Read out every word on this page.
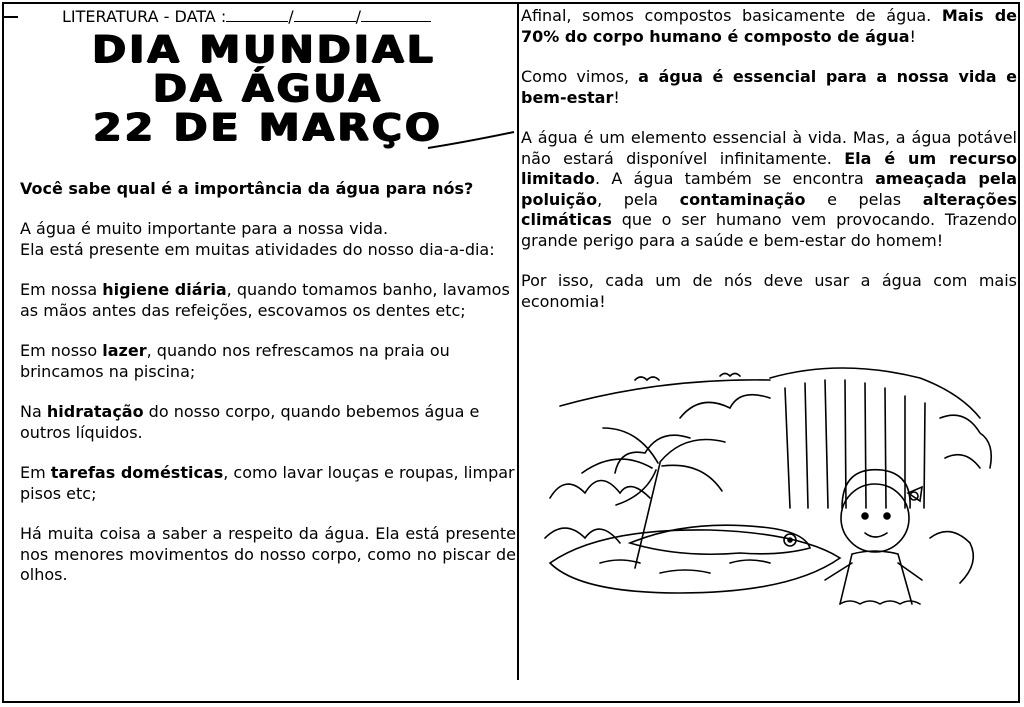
LITERATURA - DATA :	/	/
DIA MUNDIAL
DA ÁGUA
22 DE MARÇO
Você sabe qual é a importância da água para nós?

A água é muito importante para a nossa vida.

Ela está presente em muitas atividades do nosso dia-a-dia:

Em nossa higiene diária, quando tomamos banho, lavamos as mãos antes das refeições, escovamos os dentes etc;

Em nosso lazer, quando nos refrescamos na praia ou brincamos na piscina;

Na hidratação do nosso corpo, quando bebemos água e outros líquidos.

Em tarefas domésticas, como lavar louças e roupas, limpar pisos etc;

Há muita coisa a saber a respeito da água. Ela está presente nos menores movimentos do nosso corpo, como no piscar de olhos.

Afinal, somos compostos basicamente de água. Mais de 70% do corpo humano é composto de água!

Como vimos, a água é essencial para a nossa vida e bem-estar!

A água é um elemento essencial à vida. Mas, a água potável não estará disponível infinitamente. Ela é um recurso limitado. A água também se encontra ameaçada pela poluição, pela contaminação e pelas alterações climáticas que o ser humano vem provocando. Trazendo grande perigo para a saúde e bem-estar do homem!

Por isso, cada um de nós deve usar a água com mais economia!
